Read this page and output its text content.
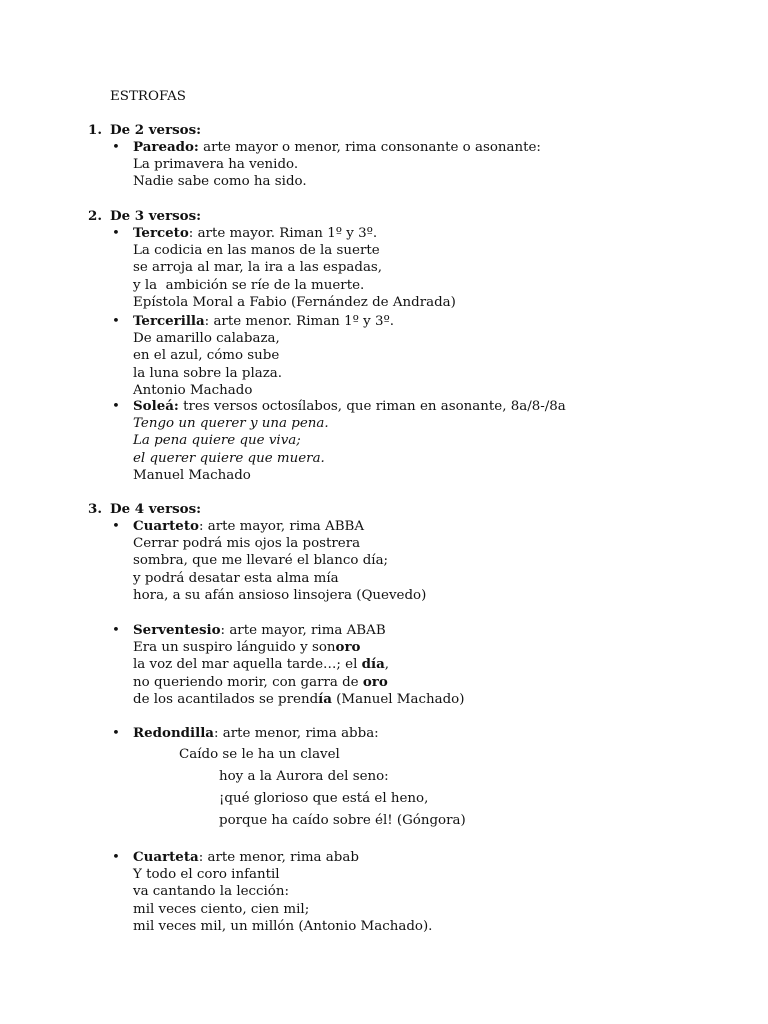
ESTROFAS
1. De 2 versos:
• Pareado: arte mayor o menor, rima consonante o asonante:
La primavera ha venido.
Nadie sabe como ha sido.
2. De 3 versos:
• Terceto: arte mayor. Riman 1º y 3º.
La codicia en las manos de la suerte
se arroja al mar, la ira a las espadas,
y la  ambición se ríe de la muerte.
Epístola Moral a Fabio (Fernández de Andrada)
• Tercerilla: arte menor. Riman 1º y 3º.
De amarillo calabaza,
en el azul, cómo sube
la luna sobre la plaza.
Antonio Machado
• Soleá: tres versos octosílabos, que riman en asonante, 8a/8-/8a
Tengo un querer y una pena.
La pena quiere que viva;
el querer quiere que muera.
Manuel Machado
3. De 4 versos:
• Cuarteto: arte mayor, rima ABBA
Cerrar podrá mis ojos la postrera
sombra, que me llevaré el blanco día;
y podrá desatar esta alma mía
hora, a su afán ansioso linsojera (Quevedo)
• Serventesio: arte mayor, rima ABAB
Era un suspiro lánguido y sonoro
la voz del mar aquella tarde…; el día,
no queriendo morir, con garra de oro
de los acantilados se prendía (Manuel Machado)
• Redondilla: arte menor, rima abba:
Caído se le ha un clavel
hoy a la Aurora del seno:
¡qué glorioso que está el heno,
porque ha caído sobre él! (Góngora)
• Cuarteta: arte menor, rima abab
Y todo el coro infantil
va cantando la lección:
mil veces ciento, cien mil;
mil veces mil, un millón (Antonio Machado).
